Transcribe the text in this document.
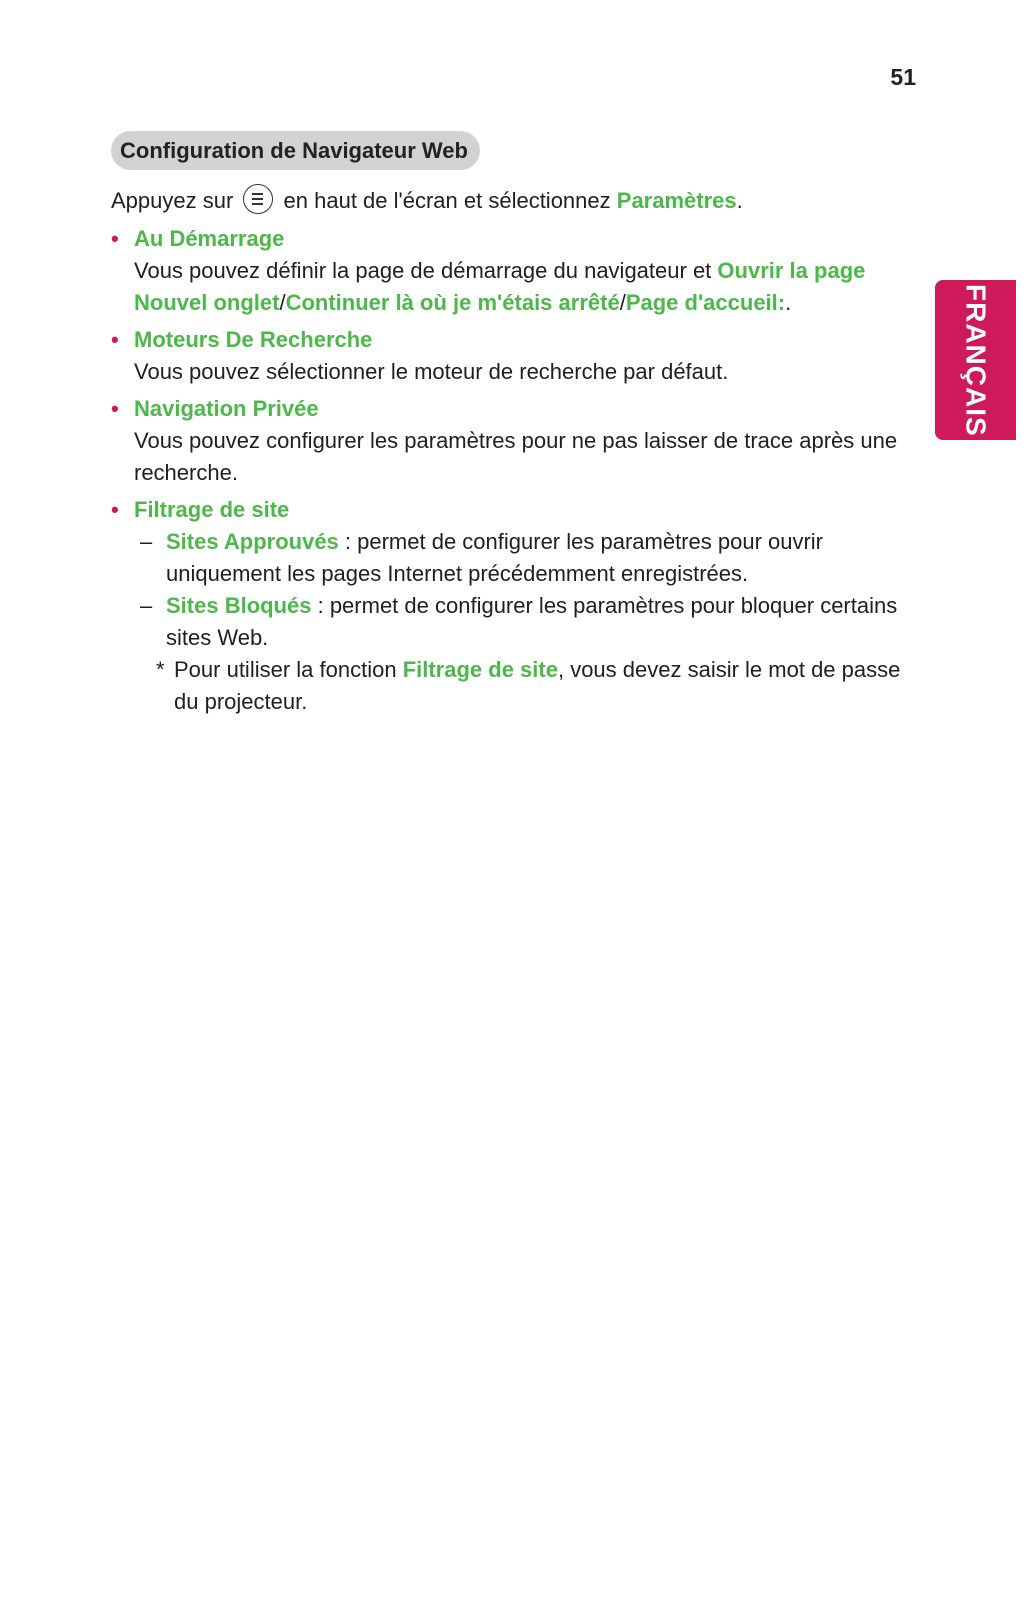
51
FRANÇAIS
Configuration de Navigateur Web

Appuyez sur en haut de l'écran et sélectionnez Paramètres.

• Au Démarrage

Vous pouvez définir la page de démarrage du navigateur et Ouvrir la page Nouvel onglet/Continuer là où je m'étais arrêté/Page d'accueil:.

• Moteurs De Recherche

Vous pouvez sélectionner le moteur de recherche par défaut.

• Navigation Privée

Vous pouvez configurer les paramètres pour ne pas laisser de trace après une recherche.

• Filtrage de site
– Sites Approuvés : permet de configurer les paramètres pour ouvrir uniquement les pages Internet précédemment enregistrées.
– Sites Bloqués : permet de configurer les paramètres pour bloquer certains sites Web.
* Pour utiliser la fonction Filtrage de site, vous devez saisir le mot de passe du projecteur.
